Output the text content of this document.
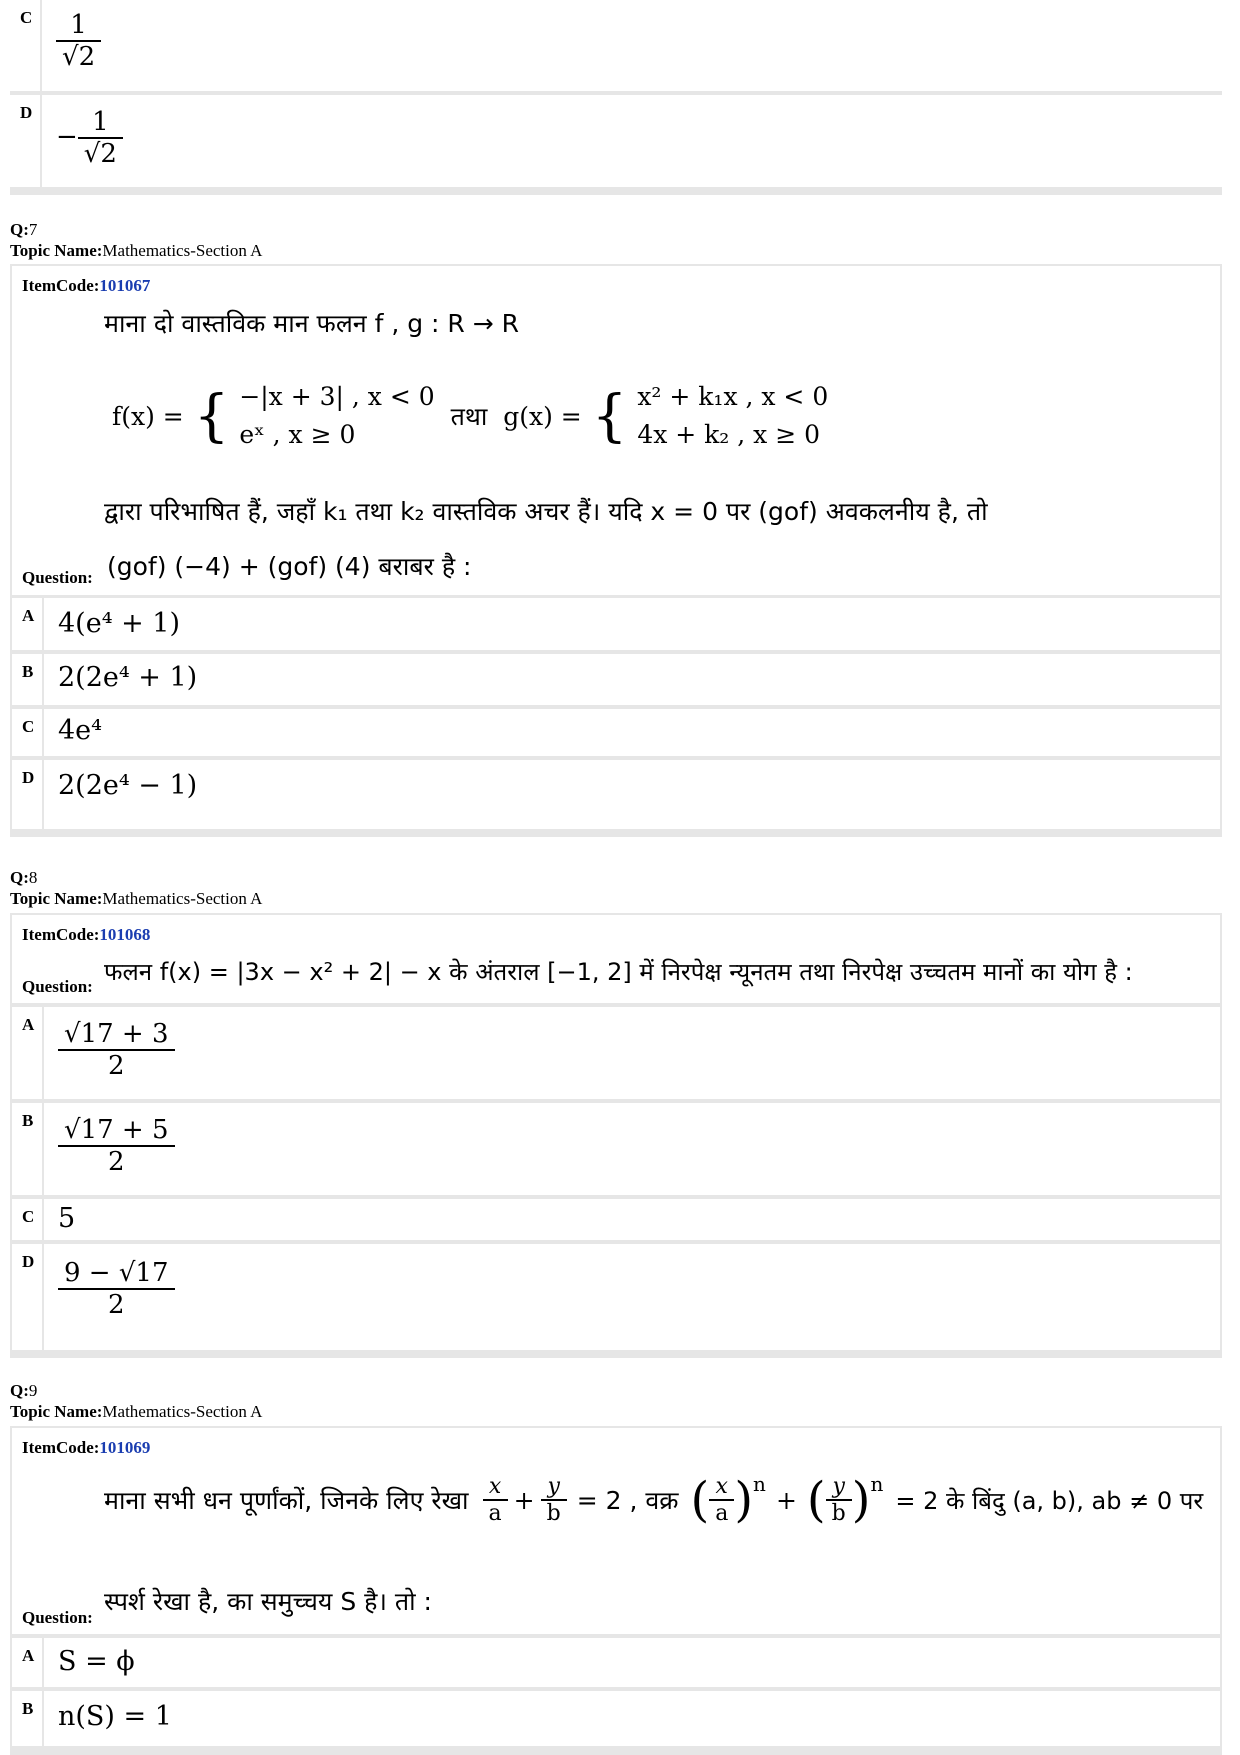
C $\frac{1}{√2}$
D
− $\frac{1}{√2}$
Q:7
Topic Name:Mathematics-Section A
ItemCode:101067
माना दो वास्तविक मान फलन f , g : R → R
f(x) = { −|x + 3| , x < 0
eˣ , x ≥ 0
तथा g(x) = { x² + k₁x , x < 0
4x + k₂ , x ≥ 0
द्वारा परिभाषित हैं, जहाँ k₁ तथा k₂ वास्तविक अचर हैं। यदि x = 0 पर (gof) अवकलनीय है, तो
Question: (gof) (−4) + (gof) (4) बराबर है :
A 4(e⁴ + 1)
B 2(2e⁴ + 1)
C 4e⁴
D 2(2e⁴ − 1)
Q:8
Topic Name:Mathematics-Section A
ItemCode:101068
Question:
फलन f(x) = |3x − x² + 2| − x के अंतराल [−1, 2] में निरपेक्ष न्यूनतम तथा निरपेक्ष उच्चतम मानों का योग है :
A $\frac{√17 + 3}{2}$
B $\frac{√17 + 5}{2}$
C 5
D $\frac{9 - √17}{2}$
Q:9
Topic Name:Mathematics-Section A
ItemCode:101069
माना सभी धन पूर्णांकों, जिनके लिए रेखा $\frac{x}{a} + \frac{y}{b} = 2$ , वक्र ( $\frac{x}{a} )^n$
+ ( $\frac{y}{b} )^n$
= 2 के बिंदु (a, b), ab ≠ 0 पर
Question:
स्पर्श रेखा है, का समुच्चय S है। तो :
A S = ϕ
B n(S) = 1
